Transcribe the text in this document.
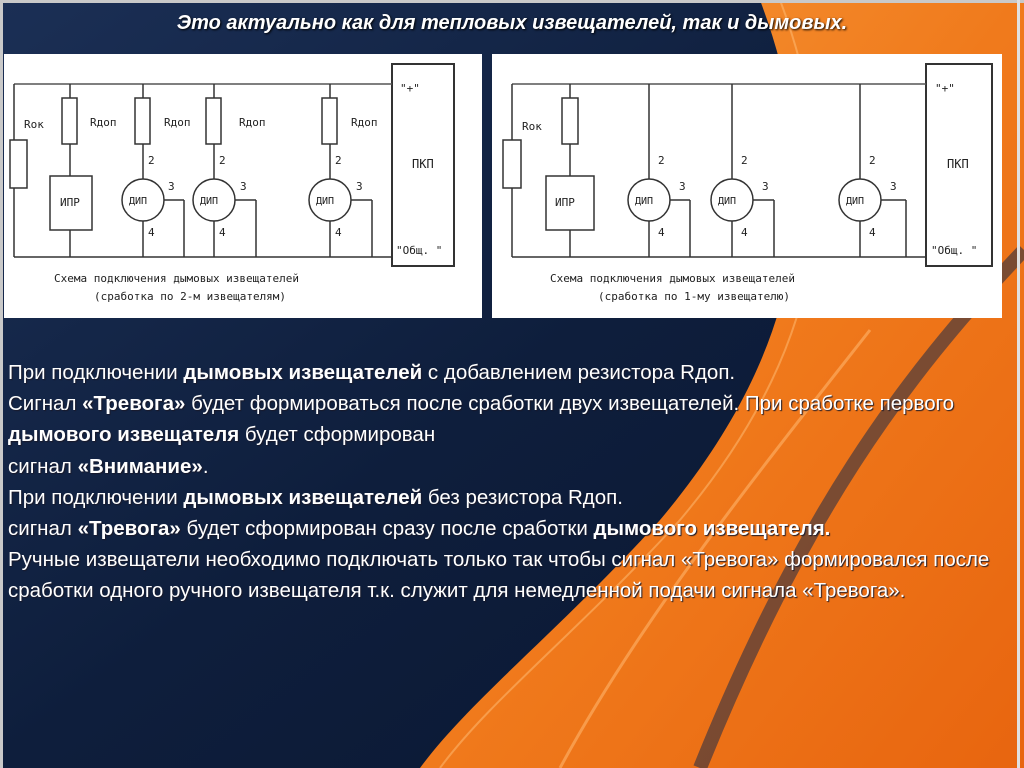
Это актуально как для тепловых извещателей, так и дымовых.
Rок	Rдоп	Rдоп	Rдоп	Rдоп
ИПР	ДИП	ДИП	ДИП
2	2	2
3	3	3
4	4	4
"+"
ПКП
"Общ. "
Схема подключения дымовых извещателей
(сработка по 2-м извещателям)
Rок
ИПР	ДИП	ДИП	ДИП
2	2	2
3	3	3
4	4	4
"+"
ПКП
"Общ. "
Схема подключения дымовых извещателей
(сработка по 1-му извещателю)

При подключении дымовых извещателей с добавлением резистора Rдоп.

Сигнал «Тревога» будет формироваться после сработки двух извещателей. При сработке первого дымового извещателя будет сформирован

сигнал «Внимание».

При подключении дымовых извещателей без резистора Rдоп.

сигнал «Тревога» будет сформирован сразу после сработки дымового извещателя.

Ручные извещатели необходимо подключать только так чтобы сигнал «Тревога» формировался после сработки одного ручного извещателя т.к. служит для немедленной подачи сигнала «Тревога».
